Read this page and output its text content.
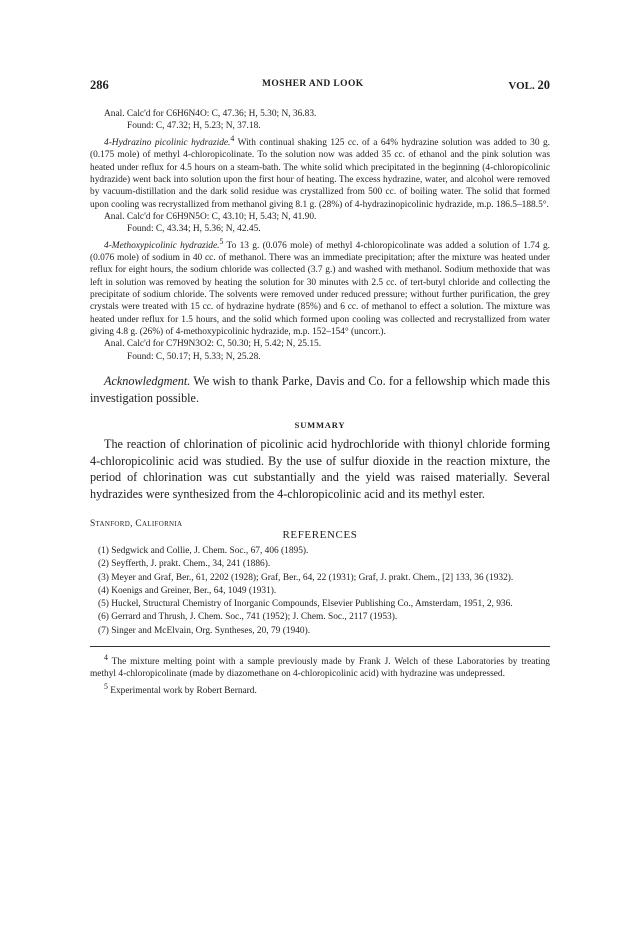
286	MOSHER AND LOOK	VOL. 20

Anal. Calc'd for C6H6N4O: C, 47.36; H, 5.30; N, 36.83.

Found: C, 47.32; H, 5.23; N, 37.18.

4-Hydrazino picolinic hydrazide.$^4$ With continual shaking 125 cc. of a 64% hydrazine solution was added to 30 g. (0.175 mole) of methyl 4-chloropicolinate. To the solution now was added 35 cc. of ethanol and the pink solution was heated under reflux for 4.5 hours on a steam-bath. The white solid which precipitated in the beginning (4-chloropicolinic hydrazide) went back into solution upon the first hour of heating. The excess hydrazine, water, and alcohol were removed by vacuum-distillation and the dark solid residue was crystallized from 500 cc. of boiling water. The solid that formed upon cooling was recrystallized from methanol giving 8.1 g. (28%) of 4-hydrazinopicolinic hydrazide, m.p. 186.5–188.5°.

Anal. Calc'd for C6H9N5O: C, 43.10; H, 5.43; N, 41.90.

Found: C, 43.34; H, 5.36; N, 42.45.

4-Methoxypicolinic hydrazide.$^5$ To 13 g. (0.076 mole) of methyl 4-chloropicolinate was added a solution of 1.74 g. (0.076 mole) of sodium in 40 cc. of methanol. There was an immediate precipitation; after the mixture was heated under reflux for eight hours, the sodium chloride was collected (3.7 g.) and washed with methanol. Sodium methoxide that was left in solution was removed by heating the solution for 30 minutes with 2.5 cc. of tert-butyl chloride and collecting the precipitate of sodium chloride. The solvents were removed under reduced pressure; without further purification, the grey crystals were treated with 15 cc. of hydrazine hydrate (85%) and 6 cc. of methanol to effect a solution. The mixture was heated under reflux for 1.5 hours, and the solid which formed upon cooling was collected and recrystallized from water giving 4.8 g. (26%) of 4-methoxypicolinic hydrazide, m.p. 152–154° (uncorr.).

Anal. Calc'd for C7H9N3O2: C, 50.30; H, 5.42; N, 25.15.

Found: C, 50.17; H, 5.33; N, 25.28.

Acknowledgment. We wish to thank Parke, Davis and Co. for a fellowship which made this investigation possible.

SUMMARY

The reaction of chlorination of picolinic acid hydrochloride with thionyl chloride forming 4-chloropicolinic acid was studied. By the use of sulfur dioxide in the reaction mixture, the period of chlorination was cut substantially and the yield was raised materially. Several hydrazides were synthesized from the 4-chloropicolinic acid and its methyl ester.

Stanford, California
REFERENCES

(1) Sedgwick and Collie, J. Chem. Soc., 67, 406 (1895).

(2) Seyfferth, J. prakt. Chem., 34, 241 (1886).

(3) Meyer and Graf, Ber., 61, 2202 (1928); Graf, Ber., 64, 22 (1931); Graf, J. prakt. Chem., [2] 133, 36 (1932).

(4) Koenigs and Greiner, Ber., 64, 1049 (1931).

(5) Huckel, Structural Chemistry of Inorganic Compounds, Elsevier Publishing Co., Amsterdam, 1951, 2, 936.

(6) Gerrard and Thrush, J. Chem. Soc., 741 (1952); J. Chem. Soc., 2117 (1953).

(7) Singer and McElvain, Org. Syntheses, 20, 79 (1940).

$^4$ The mixture melting point with a sample previously made by Frank J. Welch of these Laboratories by treating methyl 4-chloropicolinate (made by diazomethane on 4-chloropicolinic acid) with hydrazine was undepressed.

$^5$ Experimental work by Robert Bernard.
